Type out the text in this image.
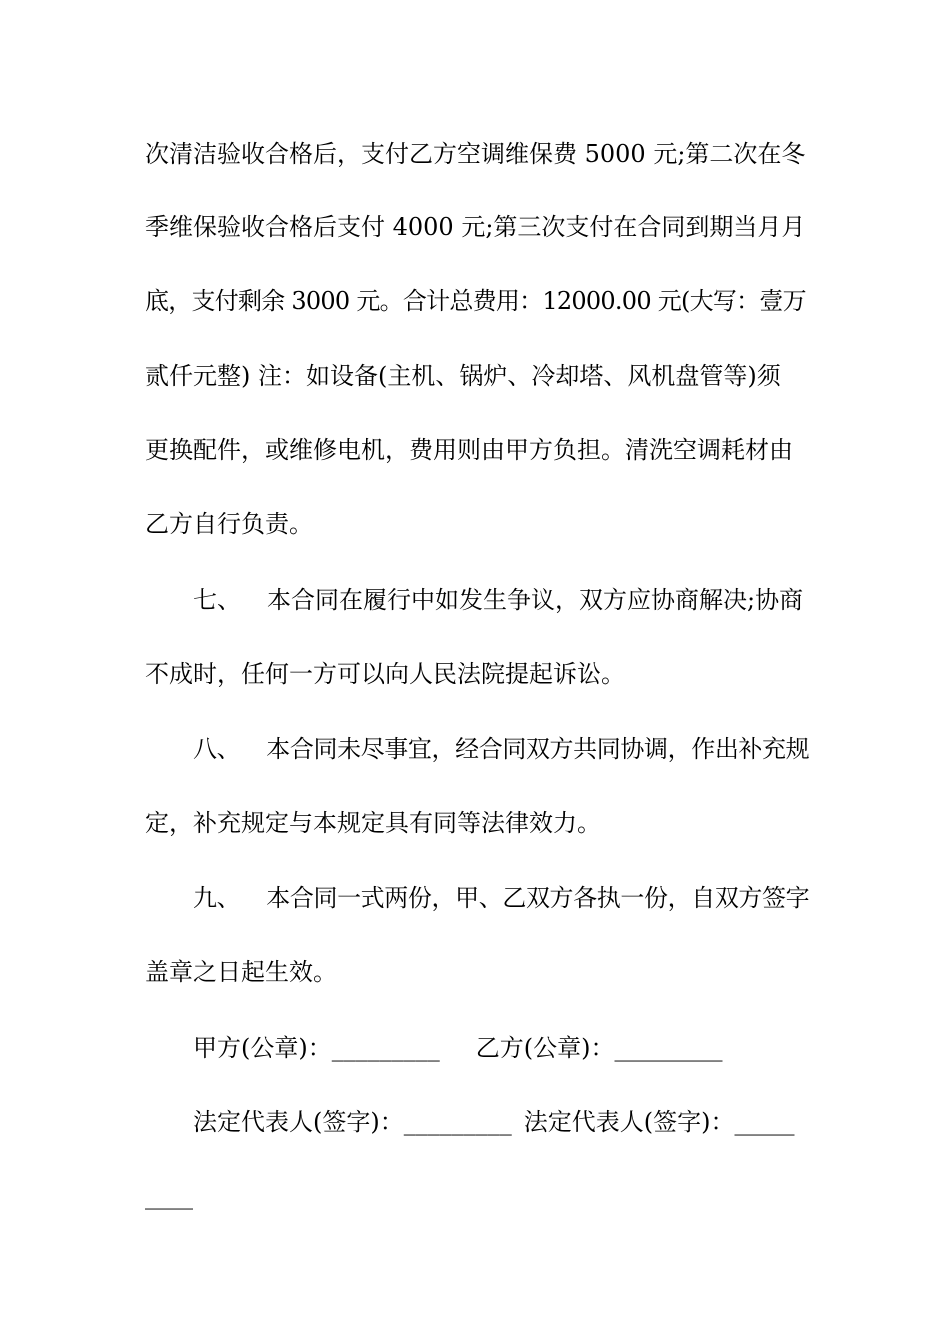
次清洁验收合格后，支付乙方空调维保费 5000 元;第二次在冬
季维保验收合格后支付 4000 元;第三次支付在合同到期当月月
底，支付剩余 3000 元。合计总费用：12000.00 元(大写：壹万
贰仟元整) 注：如设备(主机、锅炉、冷却塔、风机盘管等)须
更换配件，或维修电机，费用则由甲方负担。清洗空调耗材由
乙方自行负责。
七、 本合同在履行中如发生争议，双方应协商解决;协商
不成时，任何一方可以向人民法院提起诉讼。
八、 本合同未尽事宜，经合同双方共同协调，作出补充规
定，补充规定与本规定具有同等法律效力。
九、 本合同一式两份，甲、乙双方各执一份，自双方签字
盖章之日起生效。
甲方(公章)：_________ 乙方(公章)：_________
法定代表人(签字)：_________ 法定代表人(签字)：_____
____
